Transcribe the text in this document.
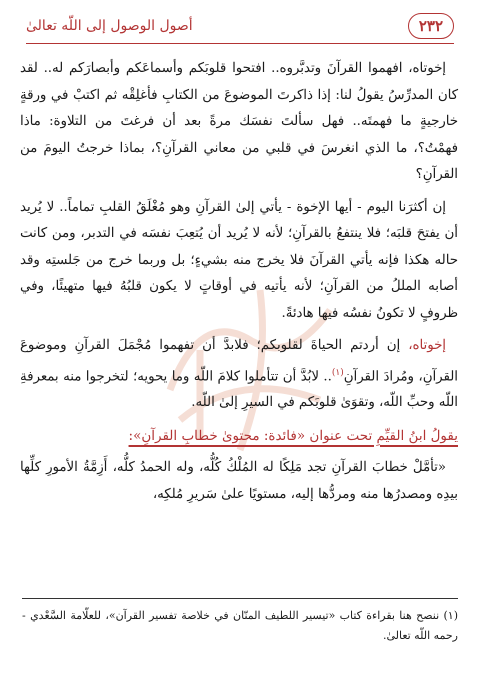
٢٣٢
أصول الوصول إلى اللّه تعالىٰ

إخوتاه، افهموا القرآنَ وتدبَّروه.. افتحوا قلوبَكم وأسماعَكم وأبصارَكم له.. لقد كان المدرِّسُ يقولُ لنا: إذا ذاكرتَ الموضوعَ من الكتابِ فأغلِقْه ثم اكتبْ في ورقةٍ خارجيةٍ ما فهمتَه.. فهل سألتَ نفسَك مرةً بعد أن فرغتَ من التلاوة: ماذا فهمْتُ؟، ما الذي انغرسَ في قلبي من معاني القرآنِ؟، بماذا خرجتُ اليومَ من القرآنِ؟

إن أكثرَنا اليوم - أيها الإخوة - يأتي إلىٰ القرآنِ وهو مُغْلَقُ القلبِ تماماً.. لا يُريد أن يفتحَ قلبَه؛ فلا ينتفعُ بالقرآنِ؛ لأنه لا يُريد أن يُتعِبَ نفسَه في التدبر، ومن كانت حاله هكذا فإنه يأتي القرآنَ فلا يخرج منه بشيءٍ؛ بل وربما خرج من جَلستِه وقد أصابه المللُ من القرآنِ؛ لأنه يأتيه في أوقاتٍ لا يكون قلبُهُ فيها متهيئًا، وفي ظروفٍ لا تكونُ نفسُه فيها هادئةً.

إخوتاه، إن أردتم الحياةَ لقلوبكم؛ فلابدَّ أن تفهموا مُجْمَلَ القرآنِ وموضوعَ القرآنِ، ومُرادَ القرآنِ$^{(١)}$.. لابُدَّ أن تتأملوا كلامَ اللّه وما يحويه؛ لتخرجوا منه بمعرفةِ اللّه وحبِّ اللّه، وتقوَىٰ قلوبَكم في السيرِ إلىٰ اللّه.

يقولُ ابنُ القيِّمِ تحت عنوان «فائدة: محتوىٰ خطابِ القرآنِ»:

«تأمَّلْ خطابَ القرآنِ تجد مَلِكًا له المُلْكُ كُلُّه، وله الحمدُ كلُّه، أَزِمَّةُ الأمورِ كلِّها بيدِه ومصدرُها منه ومردُّها إليه، مستويًا علىٰ سَريرِ مُلكِه،

(١) ننصح هنا بقراءة كتاب «تيسير اللطيف المنّان في خلاصة تفسير القرآن»، للعلّامة السَّعْدي - رحمه اللّه تعالىٰ.
